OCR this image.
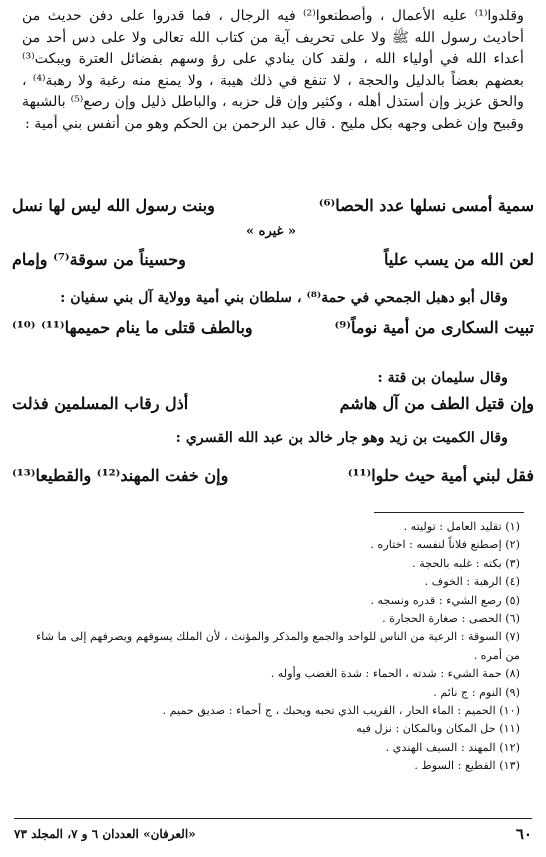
وقلدوا⁽¹⁾ عليه الأعمال ، وأصطنعوا⁽²⁾ فيه الرجال ، فما قدروا على دفن حديث من أحاديث رسول الله ﷺ ولا على تحريف آية من كتاب الله تعالى ولا على دس أحد من أعداء الله في أولياء الله ، ولقد كان ينادي على رؤ وسهم بفضائل العترة ويبكت⁽³⁾ بعضهم بعضاً بالدليل والحجة ، لا تنفع في ذلك هيبة ، ولا يمنع منه رغبة ولا رهبة⁽⁴⁾ ، والحق عزيز وإن أستذل أهله ، وكثير وإن قل حزبه ، والباطل ذليل وإن رصع⁽⁵⁾ بالشبهة وقبيح وإن غطى وجهه بكل مليح . قال عبد الرحمن بن الحكم وهو من أنفس بني أمية :

سمية أمسى نسلها عدد الحصا⁽⁶⁾
وبنت رسول الله ليس لها نسل
« غيره »
لعن الله من يسب علياً
وحسيناً من سوقة⁽⁷⁾ وإمام
وقال أبو دهبل الجمحي في حمة⁽⁸⁾ ، سلطان بني أمية وولاية آل بني سفيان :
تبيت السكارى من أمية نوماً⁽⁹⁾
وبالطف قتلى ما ينام حميمها⁽¹¹⁾ ⁽¹⁰⁾
وقال سليمان بن قتة :
وإن قتيل الطف من آل هاشم
أذل رقاب المسلمين فذلت
وقال الكميت بن زيد وهو جار خالد بن عبد الله القسري :
فقل لبني أمية حيث حلوا⁽¹¹⁾
وإن خفت المهند⁽¹²⁾ والقطيعا⁽¹³⁾
(١) تقليد العامل : توليته .
(٢) إصطنع فلاناً لنفسه : اختاره .
(٣) بكته : غلبه بالحجة .
(٤) الرهبة : الخوف .
(٥) رصع الشيء : قدره ونسجه .
(٦) الحصى : صغارة الحجارة .
(٧) السوقة : الرعية من الناس للواحد والجمع والمذكر والمؤنث ، لأن الملك يسوقهم ويصرفهم إلى ما شاء من أمره .
(٨) حمة الشيء : شدته ، الحماء : شدة الغضب وأوله .
(٩) النوم : ج نائم .
(١٠) الحميم : الماء الحار ، القريب الذي تحبه ويحبك ، ج أحماء : صديق حميم .
(١١) حل المكان وبالمكان : نزل فيه
(١٢) المهند : السيف الهندي .
(١٣) القطيع : السوط .
٦٠
«العرفان» العددان ٦ و ٧، المجلد ٧٣
